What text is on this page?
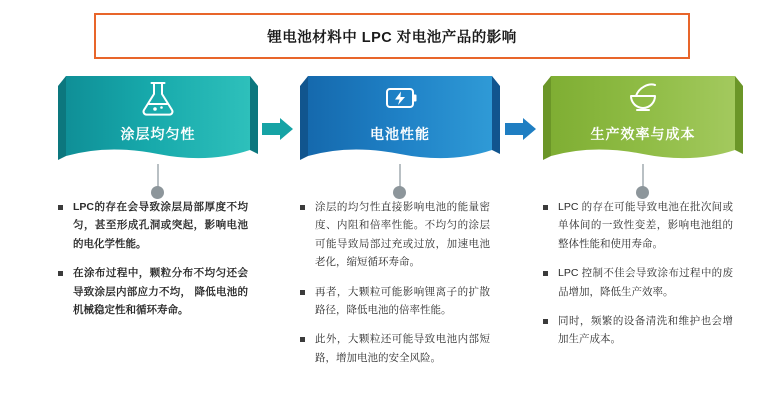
锂电池材料中 LPC 对电池产品的影响
涂层均匀性
LPC的存在会导致涂层局部厚度不均匀，甚至形成孔洞或突起，影响电池的电化学性能。
在涂布过程中，颗粒分布不均匀还会导致涂层内部应力不均， 降低电池的机械稳定性和循环寿命。
电池性能
涂层的均匀性直接影响电池的能量密度、内阻和倍率性能。不均匀的涂层可能导致局部过充或过放，加速电池老化，缩短循环寿命。
再者，大颗粒可能影响锂离子的扩散路径，降低电池的倍率性能。
此外，大颗粒还可能导致电池内部短路，增加电池的安全风险。
生产效率与成本
LPC 的存在可能导致电池在批次间或单体间的一致性变差，影响电池组的整体性能和使用寿命。
LPC 控制不佳会导致涂布过程中的废品增加，降低生产效率。
同时，频繁的设备清洗和维护也会增加生产成本。
